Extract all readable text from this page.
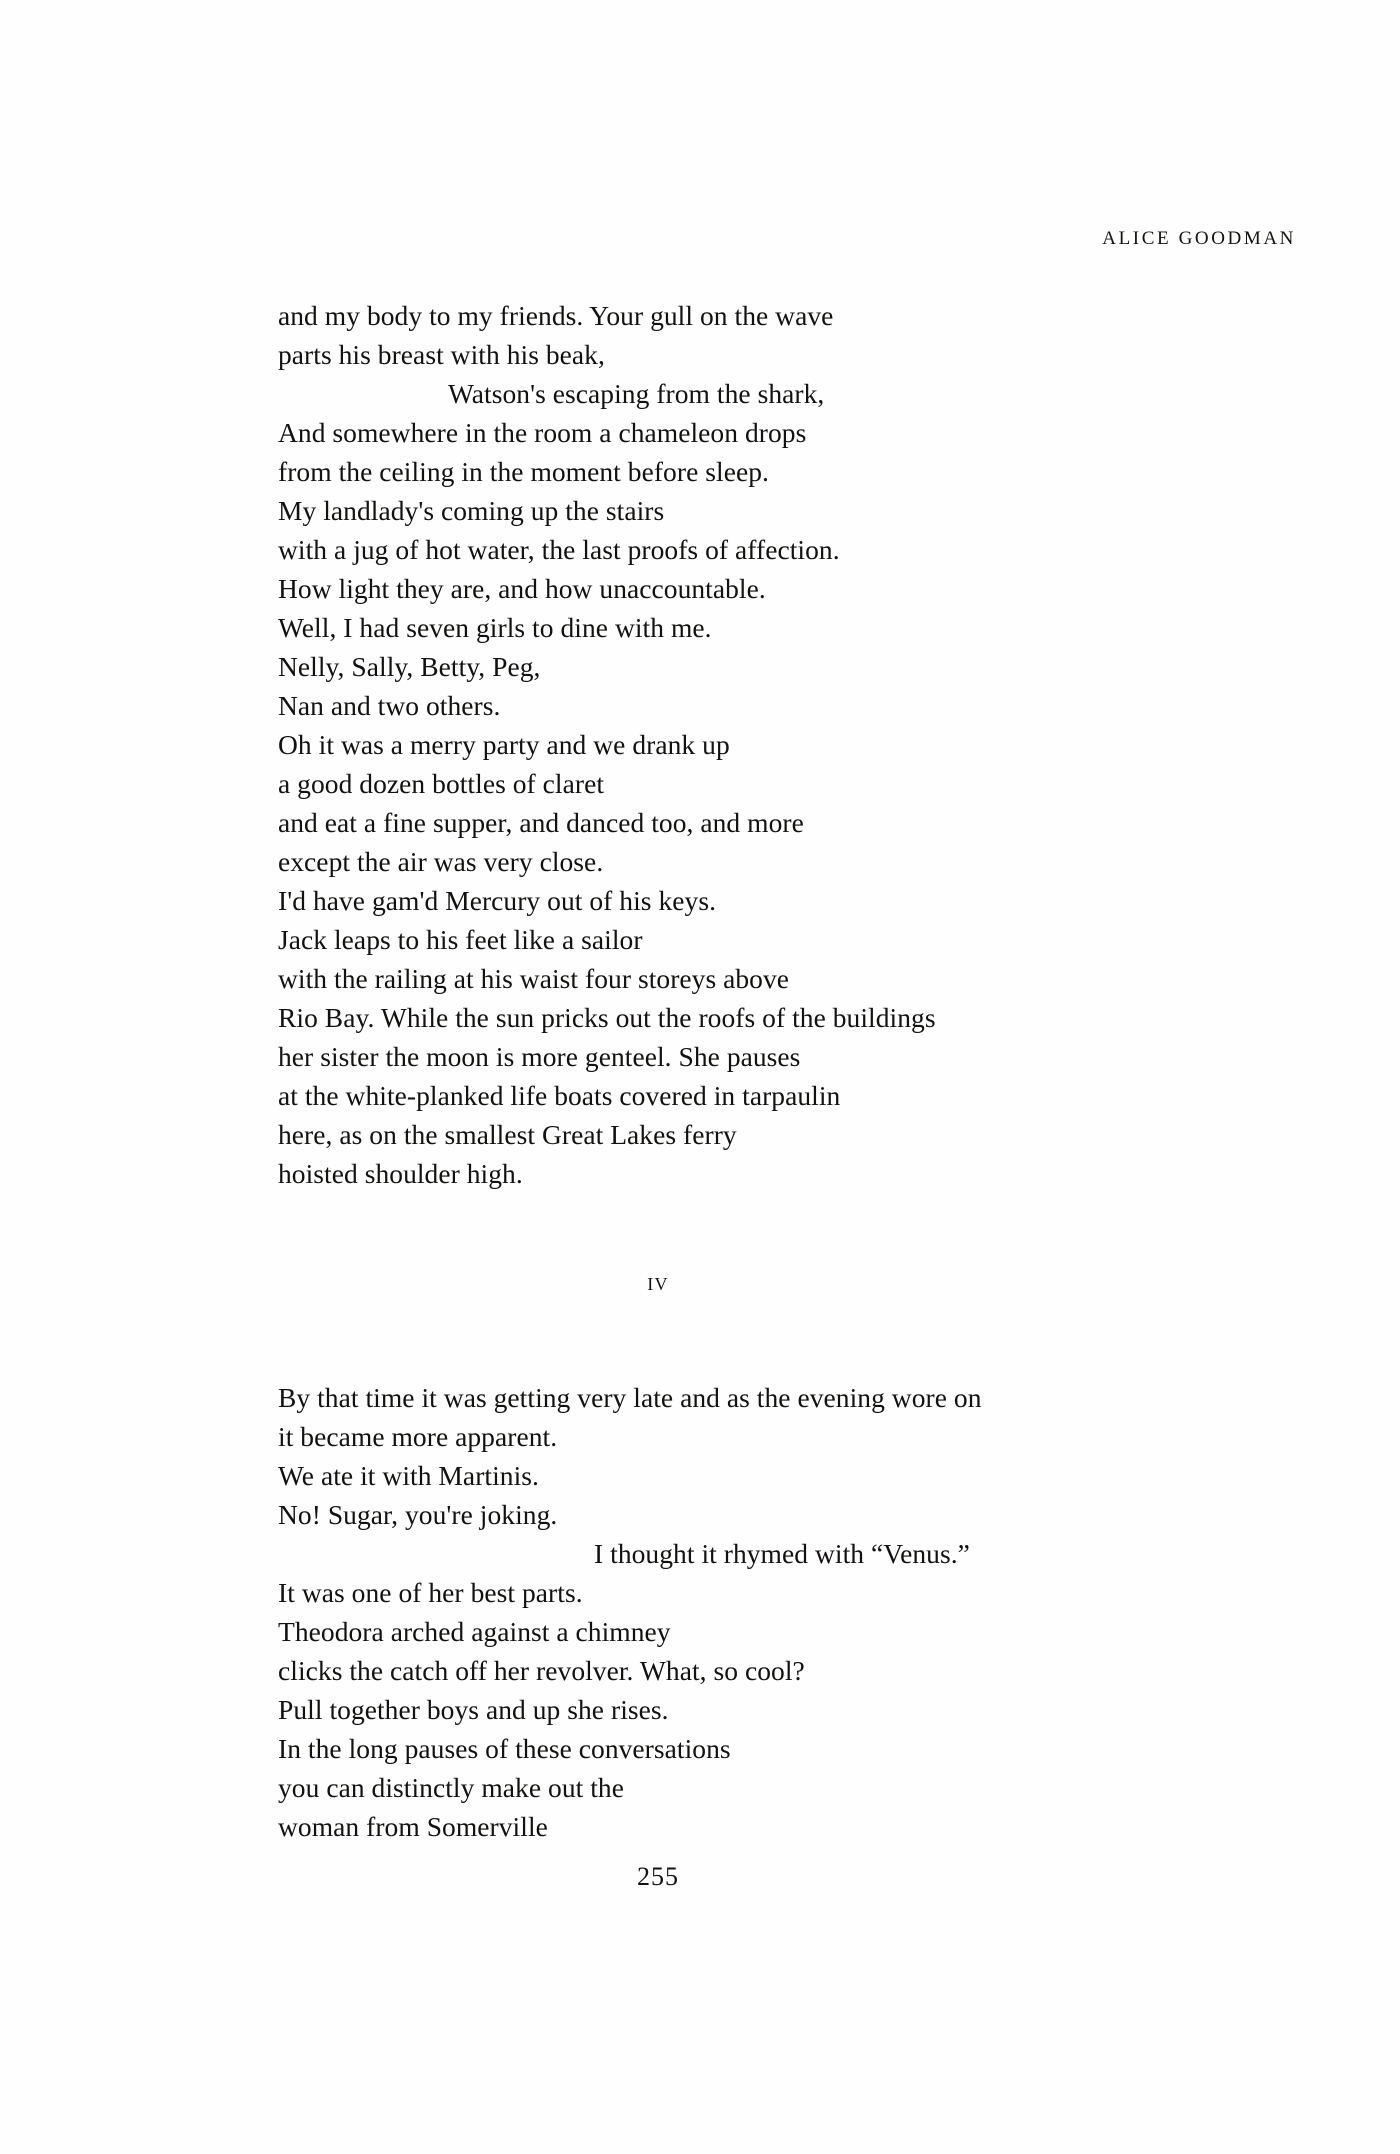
ALICE GOODMAN
and my body to my friends. Your gull on the wave
parts his breast with his beak,
Watson's escaping from the shark,
And somewhere in the room a chameleon drops
from the ceiling in the moment before sleep.
My landlady's coming up the stairs
with a jug of hot water, the last proofs of affection.
How light they are, and how unaccountable.
Well, I had seven girls to dine with me.
Nelly, Sally, Betty, Peg,
Nan and two others.
Oh it was a merry party and we drank up
a good dozen bottles of claret
and eat a fine supper, and danced too, and more
except the air was very close.
I'd have gam'd Mercury out of his keys.
Jack leaps to his feet like a sailor
with the railing at his waist four storeys above
Rio Bay. While the sun pricks out the roofs of the buildings
her sister the moon is more genteel. She pauses
at the white-planked life boats covered in tarpaulin
here, as on the smallest Great Lakes ferry
hoisted shoulder high.
IV
By that time it was getting very late and as the evening wore on
it became more apparent.
We ate it with Martinis.
No! Sugar, you're joking.
I thought it rhymed with “Venus.”
It was one of her best parts.
Theodora arched against a chimney
clicks the catch off her revolver. What, so cool?
Pull together boys and up she rises.
In the long pauses of these conversations
you can distinctly make out the
woman from Somerville
255
